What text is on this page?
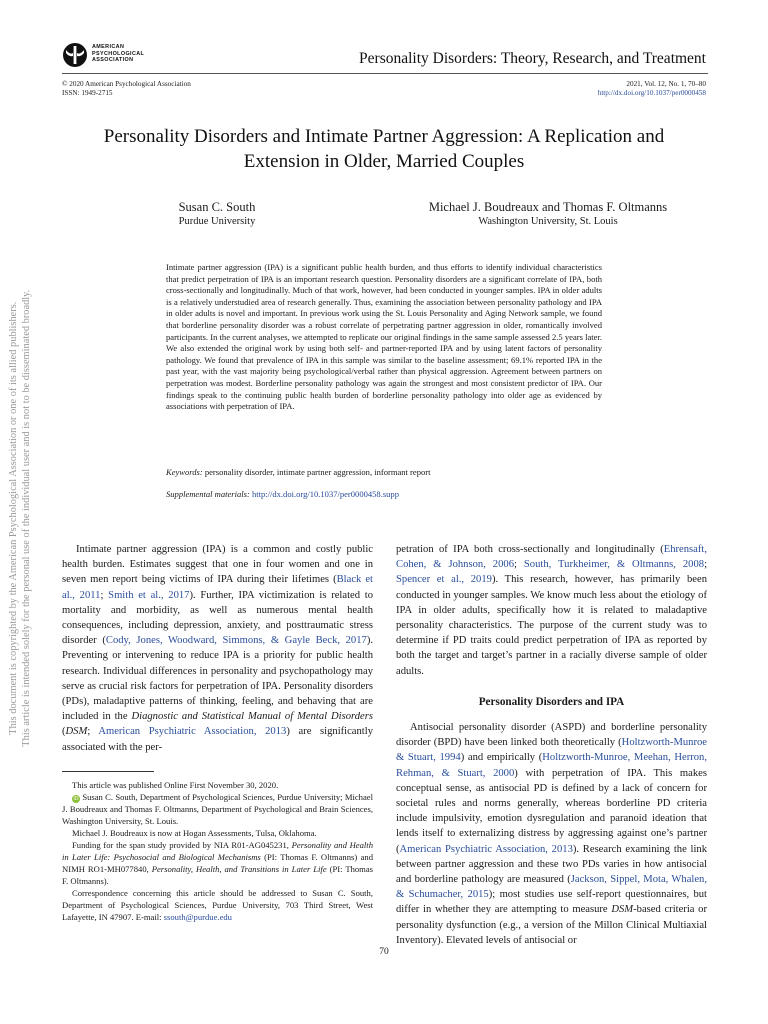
AMERICAN
PSYCHOLOGICAL
ASSOCIATION	Personality Disorders: Theory, Research, and Treatment
© 2020 American Psychological Association
ISSN: 1949-2715
2021, Vol. 12, No. 1, 70–80
http://dx.doi.org/10.1037/per0000458
Personality Disorders and Intimate Partner Aggression: A Replication and
Extension in Older, Married Couples
Susan C. South
Purdue University
Michael J. Boudreaux and Thomas F. Oltmanns
Washington University, St. Louis

Intimate partner aggression (IPA) is a significant public health burden, and thus efforts to identify individual characteristics that predict perpetration of IPA is an important research question. Personality disorders are a significant correlate of IPA, both cross-sectionally and longitudinally. Much of that work, however, had been conducted in younger samples. IPA in older adults is a relatively understudied area of research generally. Thus, examining the association between personality pathology and IPA in older adults is novel and important. In previous work using the St. Louis Personality and Aging Network sample, we found that borderline personality disorder was a robust correlate of perpetrating partner aggression in older, romantically involved participants. In the current analyses, we attempted to replicate our original findings in the same sample assessed 2.5 years later. We also extended the original work by using both self- and partner-reported IPA and by using latent factors of personality pathology. We found that prevalence of IPA in this sample was similar to the baseline assessment; 69.1% reported IPA in the past year, with the vast majority being psychological/verbal rather than physical aggression. Agreement between partners on perpetration was modest. Borderline personality pathology was again the strongest and most consistent predictor of IPA. Our findings speak to the continuing public health burden of borderline personality pathology into older age as evidenced by associations with perpetration of IPA.

Keywords: personality disorder, intimate partner aggression, informant report

Supplemental materials: http://dx.doi.org/10.1037/per0000458.supp

Intimate partner aggression (IPA) is a common and costly public health burden. Estimates suggest that one in four women and one in seven men report being victims of IPA during their lifetimes (Black et al., 2011; Smith et al., 2017). Further, IPA victimization is related to mortality and morbidity, as well as numerous mental health consequences, including depression, anxiety, and posttraumatic stress disorder (Cody, Jones, Woodward, Simmons, & Gayle Beck, 2017). Preventing or intervening to reduce IPA is a priority for public health research. Individual differences in personality and psychopathology may serve as crucial risk factors for perpetration of IPA. Personality disorders (PDs), maladaptive patterns of thinking, feeling, and behaving that are included in the Diagnostic and Statistical Manual of Mental Disorders (DSM; American Psychiatric Association, 2013) are significantly associated with the per-

This article was published Online First November 30, 2020.

iD Susan C. South, Department of Psychological Sciences, Purdue University; Michael J. Boudreaux and Thomas F. Oltmanns, Department of Psychological and Brain Sciences, Washington University, St. Louis.

Michael J. Boudreaux is now at Hogan Assessments, Tulsa, Oklahoma.

Funding for the span study provided by NIA R01-AG045231, Personality and Health in Later Life: Psychosocial and Biological Mechanisms (PI: Thomas F. Oltmanns) and NIMH RO1-MH077840, Personality, Health, and Transitions in Later Life (PI: Thomas F. Oltmanns).

Correspondence concerning this article should be addressed to Susan C. South, Department of Psychological Sciences, Purdue University, 703 Third Street, West Lafayette, IN 47907. E-mail: ssouth@purdue.edu

petration of IPA both cross-sectionally and longitudinally (Ehrensaft, Cohen, & Johnson, 2006; South, Turkheimer, & Oltmanns, 2008; Spencer et al., 2019). This research, however, has primarily been conducted in younger samples. We know much less about the etiology of IPA in older adults, specifically how it is related to maladaptive personality characteristics. The purpose of the current study was to determine if PD traits could predict perpetration of IPA as reported by both the target and target’s partner in a racially diverse sample of older adults.

Personality Disorders and IPA

Antisocial personality disorder (ASPD) and borderline personality disorder (BPD) have been linked both theoretically (Holtzworth-Munroe & Stuart, 1994) and empirically (Holtzworth-Munroe, Meehan, Herron, Rehman, & Stuart, 2000) with perpetration of IPA. This makes conceptual sense, as antisocial PD is defined by a lack of concern for societal rules and norms generally, whereas borderline PD criteria include impulsivity, emotion dysregulation and paranoid ideation that lends itself to externalizing distress by aggressing against one’s partner (American Psychiatric Association, 2013). Research examining the link between partner aggression and these two PDs varies in how antisocial and borderline pathology are measured (Jackson, Sippel, Mota, Whalen, & Schumacher, 2015); most studies use self-report questionnaires, but differ in whether they are attempting to measure DSM-based criteria or personality dysfunction (e.g., a version of the Millon Clinical Multiaxial Inventory). Elevated levels of antisocial or

70
This document is copyrighted by the American Psychological Association or one of its allied publishers. This article is intended solely for the personal use of the individual user and is not to be disseminated broadly.
